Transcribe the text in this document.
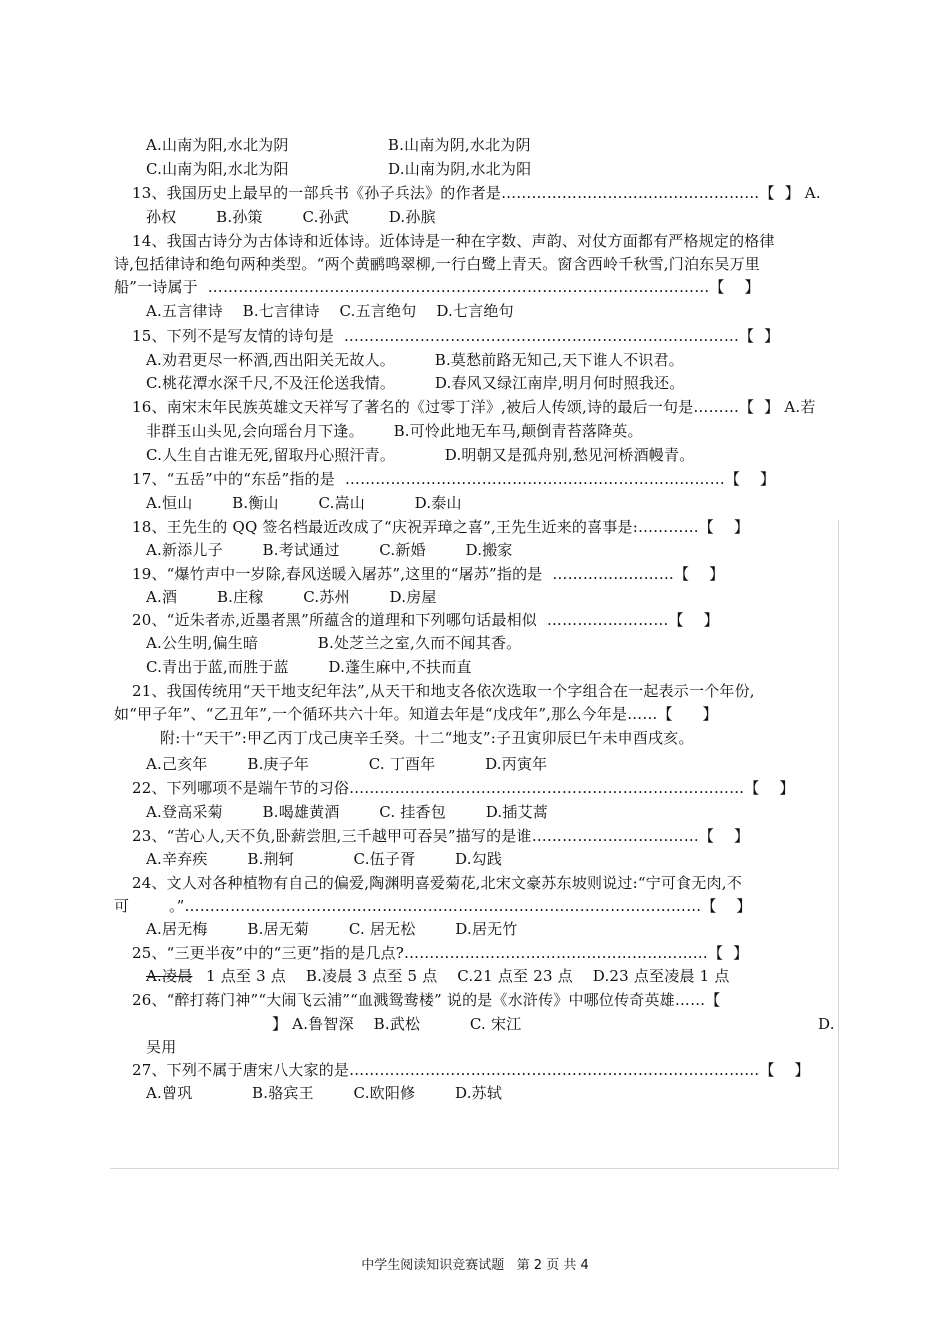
A.山南为阳,水北为阴                    B.山南为阴,水北为阴
C.山南为阳,水北为阳                    D.山南为阴,水北为阳
13、我国历史上最早的一部兵书《孙子兵法》的作者是……………………………………………【  】 A.
孙权        B.孙策        C.孙武        D.孙膑
14、我国古诗分为古体诗和近体诗。近体诗是一种在字数、声韵、对仗方面都有严格规定的格律
诗,包括律诗和绝句两种类型。“两个黄鹂鸣翠柳,一行白鹭上青天。窗含西岭千秋雪,门泊东吴万里
船”一诗属于  ………………………………………………………………………………………【    】
A.五言律诗    B.七言律诗    C.五言绝句    D.七言绝句
15、下列不是写友情的诗句是  ……………………………………………………………………【  】
A.劝君更尽一杯酒,西出阳关无故人。        B.莫愁前路无知己,天下谁人不识君。
C.桃花潭水深千尺,不及汪伦送我情。        D.春风又绿江南岸,明月何时照我还。
16、南宋末年民族英雄文天祥写了著名的《过零丁洋》,被后人传颂,诗的最后一句是………【  】 A.若
非群玉山头见,会向瑶台月下逢。      B.可怜此地无车马,颠倒青苔落降英。
C.人生自古谁无死,留取丹心照汗青。          D.明朝又是孤舟别,愁见河桥酒幔青。
17、“五岳”中的“东岳”指的是  …………………………………………………………………【    】
A.恒山        B.衡山        C.嵩山          D.泰山
18、王先生的 QQ 签名档最近改成了“庆祝弄璋之喜”,王先生近来的喜事是:…………【    】
A.新添儿子        B.考试通过        C.新婚        D.搬家
19、“爆竹声中一岁除,春风送暖入屠苏”,这里的“屠苏”指的是  ……………………【    】
A.酒        B.庄稼        C.苏州        D.房屋
20、“近朱者赤,近墨者黑”所蕴含的道理和下列哪句话最相似  ……………………【    】
A.公生明,偏生暗            B.处芝兰之室,久而不闻其香。
C.青出于蓝,而胜于蓝        D.蓬生麻中,不扶而直
21、我国传统用“天干地支纪年法”,从天干和地支各依次选取一个字组合在一起表示一个年份,
如“甲子年”、“乙丑年”,一个循环共六十年。知道去年是“戊戌年”,那么今年是……【      】
附:十“天干”:甲乙丙丁戊己庚辛壬癸。十二“地支”:子丑寅卯辰巳午未申酉戌亥。
A.己亥年        B.庚子年            C. 丁酉年          D.丙寅年
22、下列哪项不是端午节的习俗……………………………………………………………………【    】
A.登高采菊        B.喝雄黄酒        C. 挂香包        D.插艾蒿
23、“苦心人,天不负,卧薪尝胆,三千越甲可吞吴”描写的是谁……………………………【    】
A.辛弃疾        B.荆轲            C.伍子胥        D.勾践
24、文人对各种植物有自己的偏爱,陶渊明喜爱菊花,北宋文豪苏东坡则说过:“宁可食无肉,不
可        。”…………………………………………………………………………………………【    】
A.居无梅        B.居无菊        C. 居无松        D.居无竹
25、“三更半夜”中的“三更”指的是几点?……………………………………………………【  】
A.凌晨 1 点至 3 点    B.凌晨 3 点至 5 点    C.21 点至 23 点    D.23 点至凌晨 1 点
26、“醉打蒋门神”“大闹飞云浦”“血溅鸳鸯楼” 说的是《水浒传》中哪位传奇英雄……【
】 A.鲁智深    B.武松          C. 宋江	D.
吴用
27、下列不属于唐宋八大家的是………………………………………………………………………【    】
A.曾巩            B.骆宾王        C.欧阳修        D.苏轼
中学生阅读知识竞赛试题   第 2 页 共 4
